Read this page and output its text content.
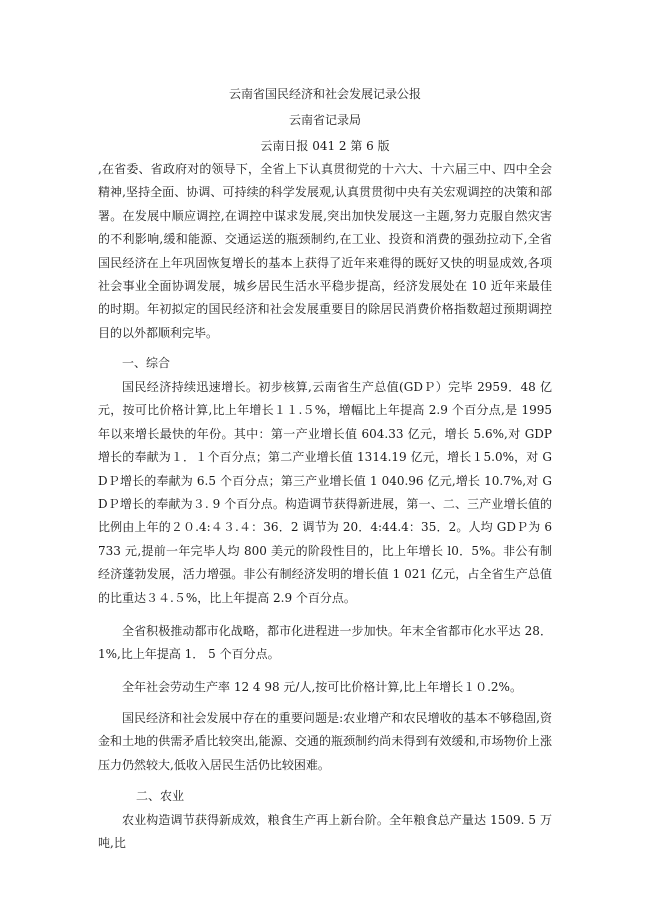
云南省国民经济和社会发展记录公报
云南省记录局
云南日报 041 2 第 6 版

,在省委、省政府对的领导下，全省上下认真贯彻党的十六大、十六届三中、四中全会精神,坚持全面、协调、可持续的科学发展观,认真贯贯彻中央有关宏观调控的决策和部署。在发展中顺应调控,在调控中谋求发展,突出加快发展这一主题,努力克服自然灾害的不利影响,缓和能源、交通运送的瓶颈制约,在工业、投资和消费的强劲拉动下,全省国民经济在上年巩固恢复增长的基本上获得了近年来难得的既好又快的明显成效,各项社会事业全面协调发展，城乡居民生活水平稳步提高，经济发展处在 10 近年来最佳的时期。年初拟定的国民经济和社会发展重要目的除居民消费价格指数超过预期调控目的以外都顺利完毕。

一、综合

国民经济持续迅速增长。初步核算,云南省生产总值(GDＰ）完毕 2959．48 亿元，按可比价格计算,比上年增长１１.５%，增幅比上年提高 2.9 个百分点,是 1995 年以来增长最快的年份。其中：第一产业增长值 604.33 亿元，增长 5.6%,对 GDP 增长的奉献为１．１个百分点；第二产业增长值 1314.19 亿元，增长１5.0%，对 GDＰ增长的奉献为 6.5 个百分点；第三产业增长值 1 040.96 亿元,增长 10.7%,对 GDＰ增长的奉献为３. 9 个百分点。构造调节获得新进展，第一、二、三产业增长值的比例由上年的２０.4:４３.４：36．2 调节为 20．4:44.4：35．2。人均 GDＰ为 6733 元,提前一年完毕人均 800 美元的阶段性目的，比上年增长 l0．5%。非公有制经济蓬勃发展，活力增强。非公有制经济发明的增长值 1 021 亿元，占全省生产总值的比重达３４.５%，比上年提高 2.9 个百分点。

全省积极推动都市化战略，都市化进程进一步加快。年末全省都市化水平达 28．1%,比上年提高 1． 5 个百分点。

全年社会劳动生产率 12 4 98 元/人,按可比价格计算,比上年增长１０.2%。

国民经济和社会发展中存在的重要问题是:农业增产和农民增收的基本不够稳固,资金和土地的供需矛盾比较突出,能源、交通的瓶颈制约尚未得到有效缓和,市场物价上涨压力仍然较大,低收入居民生活仍比较困难。

二、农业

农业构造调节获得新成效，粮食生产再上新台阶。全年粮食总产量达 1509. 5 万吨,比
